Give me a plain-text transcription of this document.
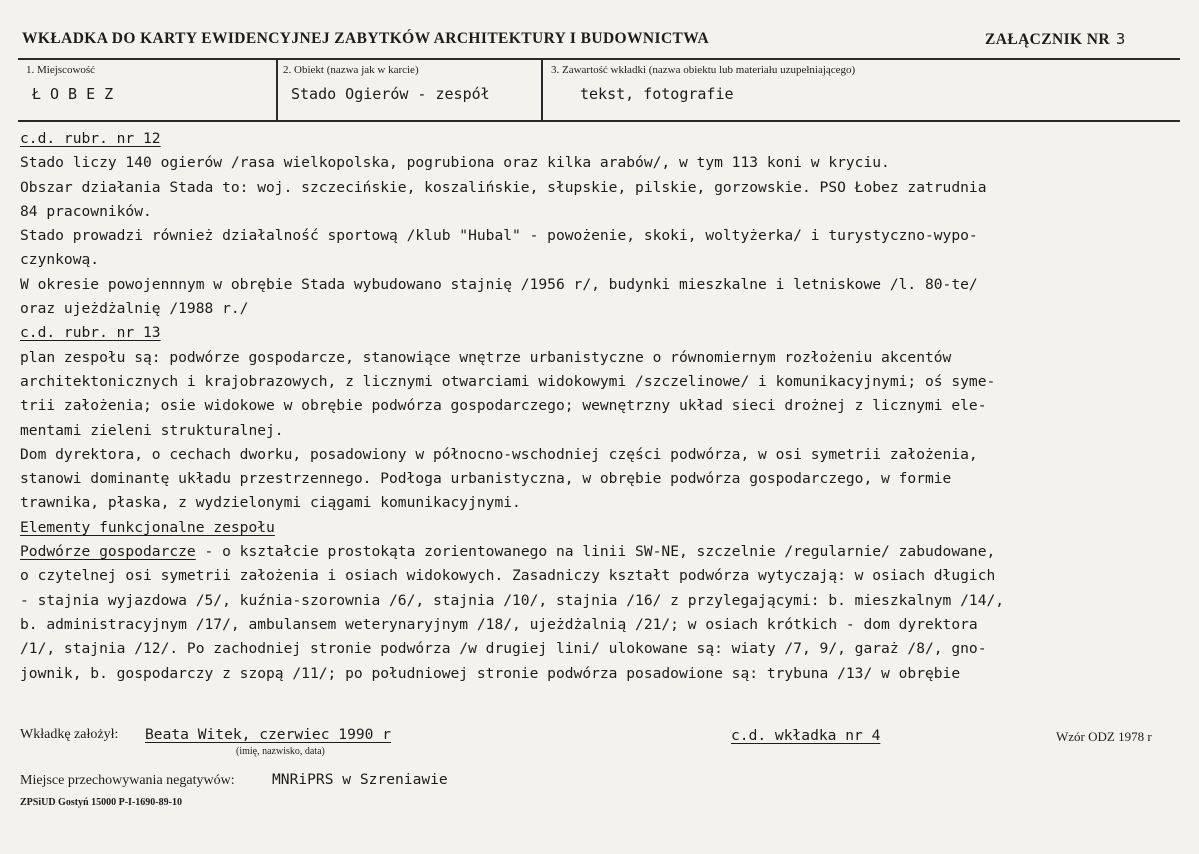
WKŁADKA DO KARTY EWIDENCYJNEJ ZABYTKÓW ARCHITEKTURY I BUDOWNICTWA	ZAŁĄCZNIK NR 3
1. Miejscowość	2. Obiekt (nazwa jak w karcie)	3. Zawartość wkładki (nazwa obiektu lub materiału uzupełniającego)
ŁOBEZ	Stado Ogierów - zespół	tekst, fotografie
c.d. rubr. nr 12
Stado liczy 140 ogierów /rasa wielkopolska, pogrubiona oraz kilka arabów/, w tym 113 koni w kryciu.
Obszar działania Stada to: woj. szczecińskie, koszalińskie, słupskie, pilskie, gorzowskie. PSO Łobez zatrudnia
84 pracowników.
Stado prowadzi również działalność sportową /klub "Hubal" - powożenie, skoki, woltyżerka/ i turystyczno-wypo-
czynkową.
W okresie powojennnym w obrębie Stada wybudowano stajnię /1956 r/, budynki mieszkalne i letniskowe /l. 80-te/
oraz ujeżdżalnię /1988 r./
c.d. rubr. nr 13
plan zespołu są: podwórze gospodarcze, stanowiące wnętrze urbanistyczne o równomiernym rozłożeniu akcentów
architektonicznych i krajobrazowych, z licznymi otwarciami widokowymi /szczelinowe/ i komunikacyjnymi; oś syme-
trii założenia; osie widokowe w obrębie podwórza gospodarczego; wewnętrzny układ sieci drożnej z licznymi ele-
mentami zieleni strukturalnej.
Dom dyrektora, o cechach dworku, posadowiony w północno-wschodniej części podwórza, w osi symetrii założenia,
stanowi dominantę układu przestrzennego. Podłoga urbanistyczna, w obrębie podwórza gospodarczego, w formie
trawnika, płaska, z wydzielonymi ciągami komunikacyjnymi.
Elementy funkcjonalne zespołu
Podwórze gospodarcze - o kształcie prostokąta zorientowanego na linii SW-NE, szczelnie /regularnie/ zabudowane,
o czytelnej osi symetrii założenia i osiach widokowych. Zasadniczy kształt podwórza wytyczają: w osiach długich
- stajnia wyjazdowa /5/, kuźnia-szorownia /6/, stajnia /10/, stajnia /16/ z przylegającymi: b. mieszkalnym /14/,
b. administracyjnym /17/, ambulansem weterynaryjnym /18/, ujeżdżalnią /21/; w osiach krótkich - dom dyrektora
/1/, stajnia /12/. Po zachodniej stronie podwórza /w drugiej lini/ ulokowane są: wiaty /7, 9/, garaż /8/, gno-
jownik, b. gospodarczy z szopą /11/; po południowej stronie podwórza posadowione są: trybuna /13/ w obrębie
Wkładkę założył: Beata Witek, czerwiec 1990 r
(imię, nazwisko, data)
c.d. wkładka nr 4	Wzór ODZ 1978 r
Miejsce przechowywania negatywów:	MNRiPRS w Szreniawie
ZPSiUD Gostyń 15000 P-I-1690-89-10
